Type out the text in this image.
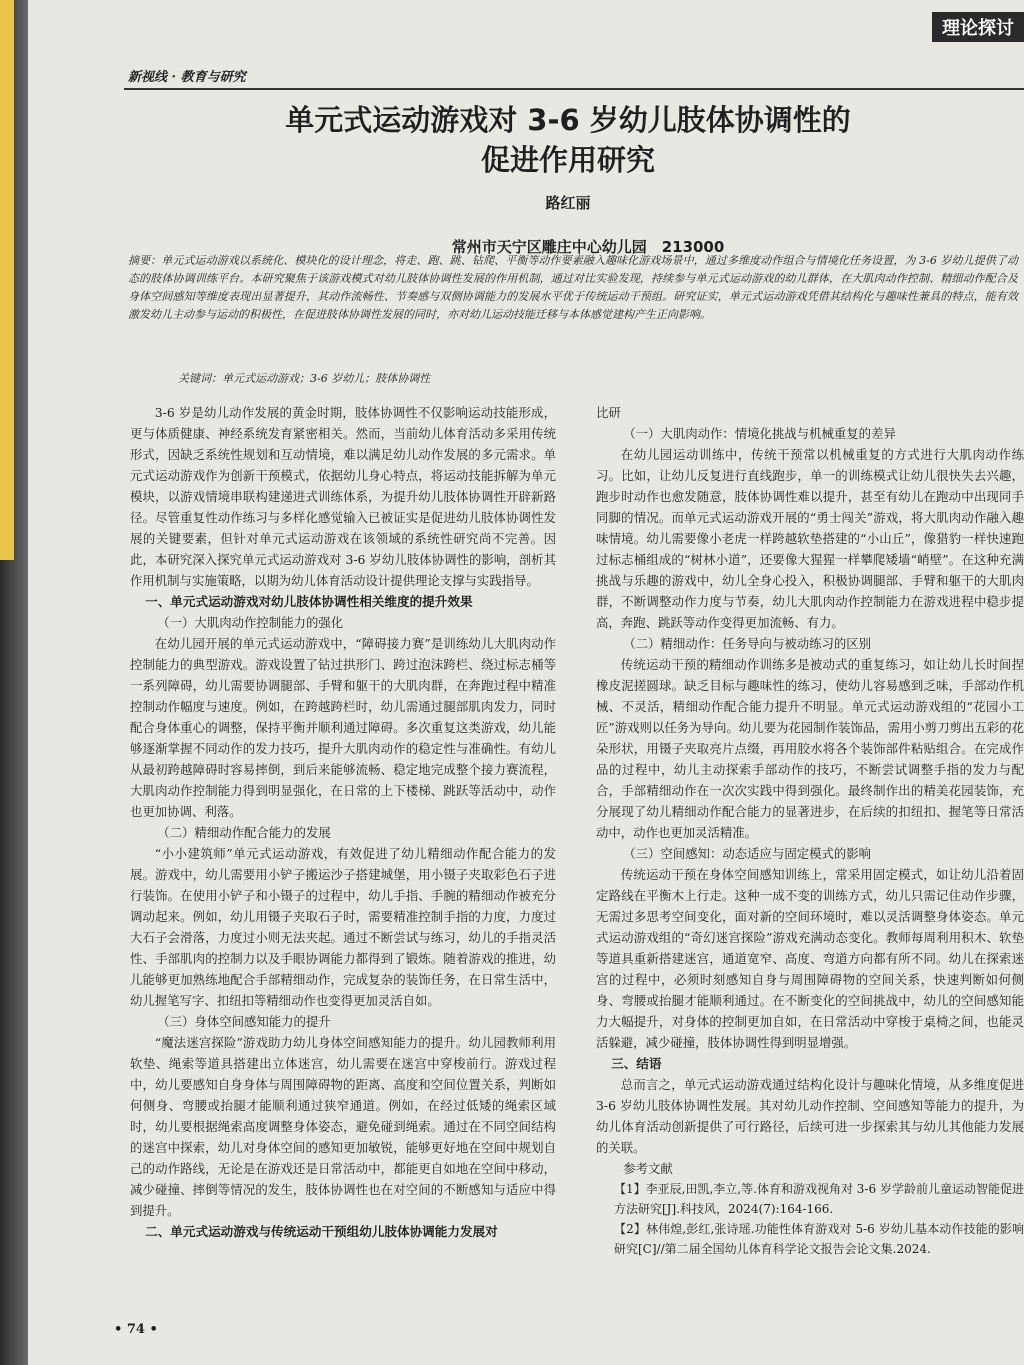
理论探讨
新视线 · 教育与研究
单元式运动游戏对 3-6 岁幼儿肢体协调性的
促进作用研究
路红丽
常州市天宁区雕庄中心幼儿园　213000
摘要：单元式运动游戏以系统化、模块化的设计理念，将走、跑、跳、钻爬、平衡等动作要素融入趣味化游戏场景中，通过多维度动作组合与情境化任务设置，为 3-6 岁幼儿提供了动态的肢体协调训练平台。本研究聚焦于该游戏模式对幼儿肢体协调性发展的作用机制，通过对比实验发现，持续参与单元式运动游戏的幼儿群体，在大肌肉动作控制、精细动作配合及身体空间感知等维度表现出显著提升，其动作流畅性、节奏感与双侧协调能力的发展水平优于传统运动干预组。研究证实，单元式运动游戏凭借其结构化与趣味性兼具的特点，能有效激发幼儿主动参与运动的积极性，在促进肢体协调性发展的同时，亦对幼儿运动技能迁移与本体感觉建构产生正向影响。
关键词：单元式运动游戏；3-6 岁幼儿；肢体协调性

3-6 岁是幼儿动作发展的黄金时期，肢体协调性不仅影响运动技能形成，更与体质健康、神经系统发育紧密相关。然而，当前幼儿体育活动多采用传统形式，因缺乏系统性规划和互动情境，难以满足幼儿动作发展的多元需求。单元式运动游戏作为创新干预模式，依据幼儿身心特点，将运动技能拆解为单元模块，以游戏情境串联构建递进式训练体系，为提升幼儿肢体协调性开辟新路径。尽管重复性动作练习与多样化感觉输入已被证实是促进幼儿肢体协调性发展的关键要素，但针对单元式运动游戏在该领域的系统性研究尚不完善。因此，本研究深入探究单元式运动游戏对 3-6 岁幼儿肢体协调性的影响，剖析其作用机制与实施策略，以期为幼儿体育活动设计提供理论支撑与实践指导。

一、单元式运动游戏对幼儿肢体协调性相关维度的提升效果

（一）大肌肉动作控制能力的强化

在幼儿园开展的单元式运动游戏中，“障碍接力赛”是训练幼儿大肌肉动作控制能力的典型游戏。游戏设置了钻过拱形门、跨过泡沫跨栏、绕过标志桶等一系列障碍，幼儿需要协调腿部、手臂和躯干的大肌肉群，在奔跑过程中精准控制动作幅度与速度。例如，在跨越跨栏时，幼儿需通过腿部肌肉发力，同时配合身体重心的调整，保持平衡并顺利通过障碍。多次重复这类游戏，幼儿能够逐渐掌握不同动作的发力技巧，提升大肌肉动作的稳定性与准确性。有幼儿从最初跨越障碍时容易摔倒，到后来能够流畅、稳定地完成整个接力赛流程，大肌肉动作控制能力得到明显强化，在日常的上下楼梯、跳跃等活动中，动作也更加协调、利落。

（二）精细动作配合能力的发展

“小小建筑师”单元式运动游戏，有效促进了幼儿精细动作配合能力的发展。游戏中，幼儿需要用小铲子搬运沙子搭建城堡，用小镊子夹取彩色石子进行装饰。在使用小铲子和小镊子的过程中，幼儿手指、手腕的精细动作被充分调动起来。例如，幼儿用镊子夹取石子时，需要精准控制手指的力度，力度过大石子会滑落，力度过小则无法夹起。通过不断尝试与练习，幼儿的手指灵活性、手部肌肉的控制力以及手眼协调能力都得到了锻炼。随着游戏的推进，幼儿能够更加熟练地配合手部精细动作，完成复杂的装饰任务，在日常生活中，幼儿握笔写字、扣纽扣等精细动作也变得更加灵活自如。

（三）身体空间感知能力的提升

“魔法迷宫探险”游戏助力幼儿身体空间感知能力的提升。幼儿园教师利用软垫、绳索等道具搭建出立体迷宫，幼儿需要在迷宫中穿梭前行。游戏过程中，幼儿要感知自身身体与周围障碍物的距离、高度和空间位置关系，判断如何侧身、弯腰或抬腿才能顺利通过狭窄通道。例如，在经过低矮的绳索区域时，幼儿要根据绳索高度调整身体姿态，避免碰到绳索。通过在不同空间结构的迷宫中探索，幼儿对身体空间的感知更加敏锐，能够更好地在空间中规划自己的动作路线，无论是在游戏还是日常活动中，都能更自如地在空间中移动，减少碰撞、摔倒等情况的发生，肢体协调性也在对空间的不断感知与适应中得到提升。

二、单元式运动游戏与传统运动干预组幼儿肢体协调能力发展对

比研

（一）大肌肉动作：情境化挑战与机械重复的差异

在幼儿园运动训练中，传统干预常以机械重复的方式进行大肌肉动作练习。比如，让幼儿反复进行直线跑步，单一的训练模式让幼儿很快失去兴趣，跑步时动作也愈发随意，肢体协调性难以提升，甚至有幼儿在跑动中出现同手同脚的情况。而单元式运动游戏开展的“勇士闯关”游戏，将大肌肉动作融入趣味情境。幼儿需要像小老虎一样跨越软垫搭建的“小山丘”，像猎豹一样快速跑过标志桶组成的“树林小道”，还要像大猩猩一样攀爬矮墙“峭壁”。在这种充满挑战与乐趣的游戏中，幼儿全身心投入，积极协调腿部、手臂和躯干的大肌肉群，不断调整动作力度与节奏，幼儿大肌肉动作控制能力在游戏进程中稳步提高，奔跑、跳跃等动作变得更加流畅、有力。

（二）精细动作：任务导向与被动练习的区别

传统运动干预的精细动作训练多是被动式的重复练习，如让幼儿长时间捏橡皮泥搓圆球。缺乏目标与趣味性的练习，使幼儿容易感到乏味，手部动作机械、不灵活，精细动作配合能力提升不明显。单元式运动游戏组的“花园小工匠”游戏则以任务为导向。幼儿要为花园制作装饰品，需用小剪刀剪出五彩的花朵形状，用镊子夹取亮片点缀，再用胶水将各个装饰部件粘贴组合。在完成作品的过程中，幼儿主动探索手部动作的技巧，不断尝试调整手指的发力与配合，手部精细动作在一次次实践中得到强化。最终制作出的精美花园装饰，充分展现了幼儿精细动作配合能力的显著进步，在后续的扣纽扣、握笔等日常活动中，动作也更加灵活精准。

（三）空间感知：动态适应与固定模式的影响

传统运动干预在身体空间感知训练上，常采用固定模式，如让幼儿沿着固定路线在平衡木上行走。这种一成不变的训练方式，幼儿只需记住动作步骤，无需过多思考空间变化，面对新的空间环境时，难以灵活调整身体姿态。单元式运动游戏组的“奇幻迷宫探险”游戏充满动态变化。教师每周利用积木、软垫等道具重新搭建迷宫，通道宽窄、高度、弯道方向都有所不同。幼儿在探索迷宫的过程中，必须时刻感知自身与周围障碍物的空间关系，快速判断如何侧身、弯腰或抬腿才能顺利通过。在不断变化的空间挑战中，幼儿的空间感知能力大幅提升，对身体的控制更加自如，在日常活动中穿梭于桌椅之间，也能灵活躲避，减少碰撞，肢体协调性得到明显增强。

三、结语

总而言之，单元式运动游戏通过结构化设计与趣味化情境，从多维度促进 3-6 岁幼儿肢体协调性发展。其对幼儿动作控制、空间感知等能力的提升，为幼儿体育活动创新提供了可行路径，后续可进一步探索其与幼儿其他能力发展的关联。

参考文献

【1】李亚辰,田凯,李立,等.体育和游戏视角对 3-6 岁学龄前儿童运动智能促进方法研究[J].科技风，2024(7):164-166.

【2】林伟煌,彭红,张诗瑶.功能性体育游戏对 5-6 岁幼儿基本动作技能的影响研究[C]//第二届全国幼儿体育科学论文报告会论文集.2024.

• 74 •
